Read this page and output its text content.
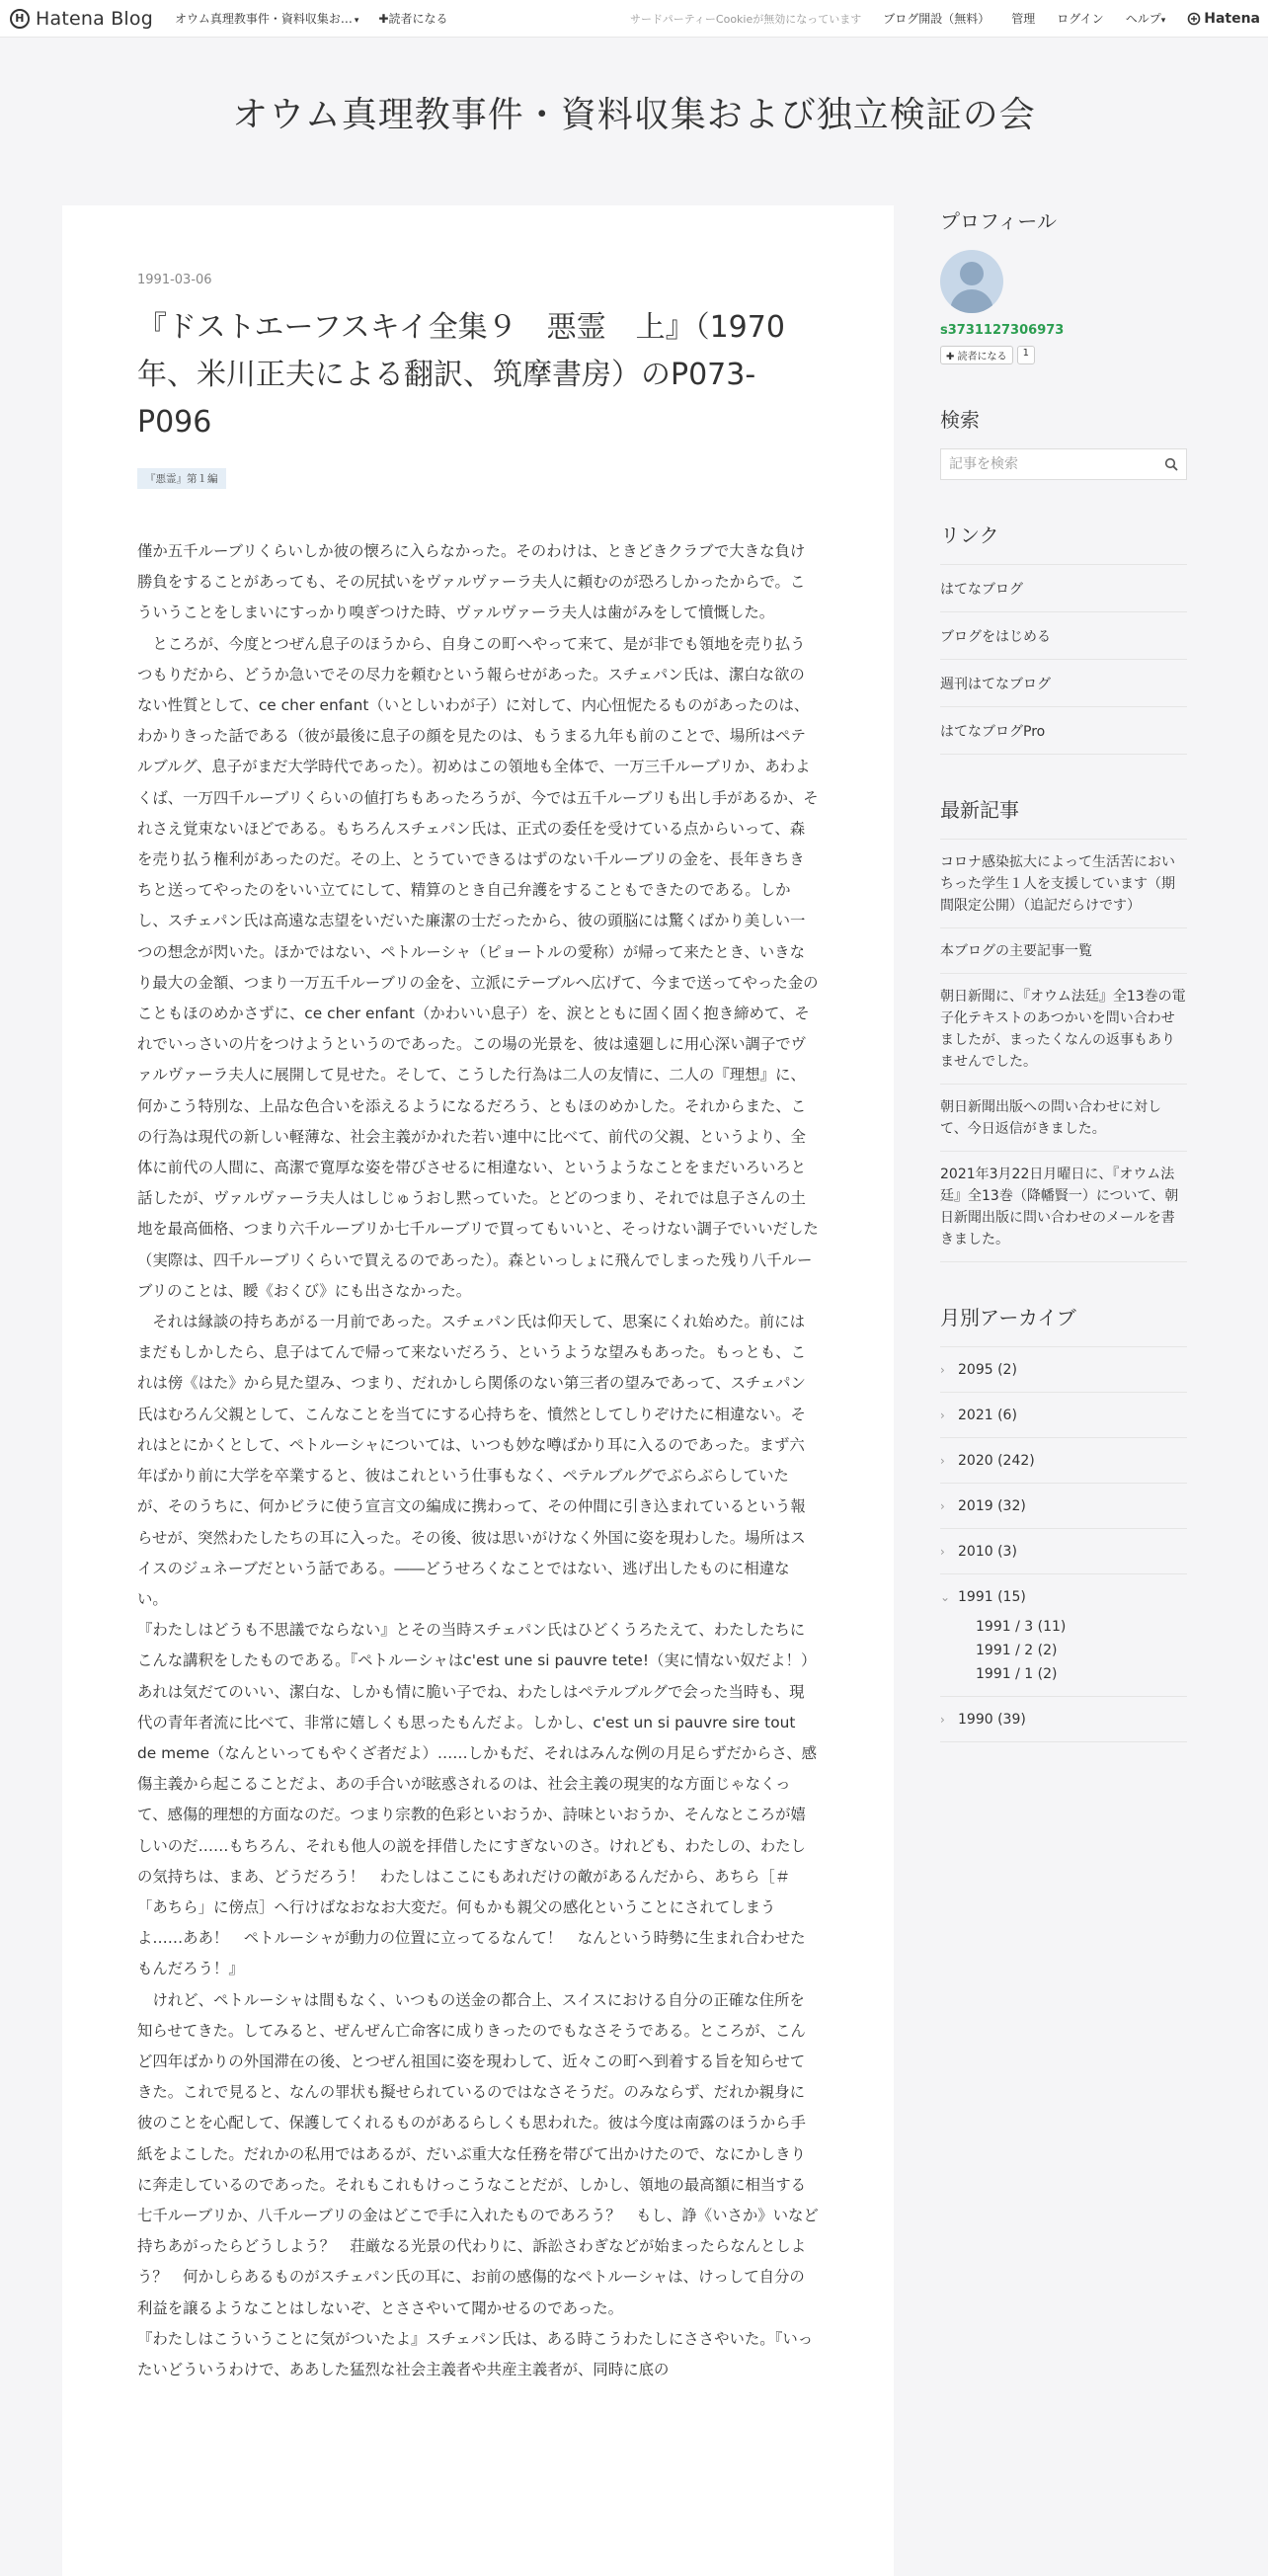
H Hatena Blog オウム真理教事件・資料収集お… ▾ ✚読者になる	サードパーティーCookieが無効になっています ブログ開設（無料） 管理 ログイン ヘルプ▾	Hatena
オウム真理教事件・資料収集および独立検証の会
1991-03-06
『ドストエーフスキイ全集９　悪霊　上』（1970年、米川正夫による翻訳、筑摩書房）のP073-P096
『悪霊』第１編

僅か五千ルーブリくらいしか彼の懐ろに入らなかった。そのわけは、ときどきクラブで大きな負け勝負をすることがあっても、その尻拭いをヴァルヴァーラ夫人に頼むのが恐ろしかったからで。こういうことをしまいにすっかり嗅ぎつけた時、ヴァルヴァーラ夫人は歯がみをして憤慨した。

ところが、今度とつぜん息子のほうから、自身この町へやって来て、是が非でも領地を売り払うつもりだから、どうか急いでその尽力を頼むという報らせがあった。スチェパン氏は、潔白な欲のない性質として、ce cher enfant（いとしいわが子）に対して、内心忸怩たるものがあったのは、わかりきった話である（彼が最後に息子の顔を見たのは、もうまる九年も前のことで、場所はペテルブルグ、息子がまだ大学時代であった）。初めはこの領地も全体で、一万三千ルーブリか、あわよくば、一万四千ルーブリくらいの値打ちもあったろうが、今では五千ルーブリも出し手があるか、それさえ覚束ないほどである。もちろんスチェパン氏は、正式の委任を受けている点からいって、森を売り払う権利があったのだ。その上、とうていできるはずのない千ルーブリの金を、長年きちきちと送ってやったのをいい立てにして、精算のとき自己弁護をすることもできたのである。しかし、スチェパン氏は高遠な志望をいだいた廉潔の士だったから、彼の頭脳には驚くばかり美しい一つの想念が閃いた。ほかではない、ペトルーシャ（ピョートルの愛称）が帰って来たとき、いきなり最大の金額、つまり一万五千ルーブリの金を、立派にテーブルへ広げて、今まで送ってやった金のこともほのめかさずに、ce cher enfant（かわいい息子）を、涙とともに固く固く抱き締めて、それでいっさいの片をつけようというのであった。この場の光景を、彼は遠廻しに用心深い調子でヴァルヴァーラ夫人に展開して見せた。そして、こうした行為は二人の友情に、二人の『理想』に、何かこう特別な、上品な色合いを添えるようになるだろう、ともほのめかした。それからまた、この行為は現代の新しい軽薄な、社会主義がかれた若い連中に比べて、前代の父親、というより、全体に前代の人間に、高潔で寛厚な姿を帯びさせるに相違ない、というようなことをまだいろいろと話したが、ヴァルヴァーラ夫人はしじゅうおし黙っていた。とどのつまり、それでは息子さんの土地を最高価格、つまり六千ルーブリか七千ルーブリで買ってもいいと、そっけない調子でいいだした（実際は、四千ルーブリくらいで買えるのであった）。森といっしょに飛んでしまった残り八千ルーブリのことは、瞹《おくび》にも出さなかった。

それは縁談の持ちあがる一月前であった。スチェパン氏は仰天して、思案にくれ始めた。前にはまだもしかしたら、息子はてんで帰って来ないだろう、というような望みもあった。もっとも、これは傍《はた》から見た望み、つまり、だれかしら関係のない第三者の望みであって、スチェパン氏はむろん父親として、こんなことを当てにする心持ちを、憤然としてしりぞけたに相違ない。それはとにかくとして、ペトルーシャについては、いつも妙な噂ばかり耳に入るのであった。まず六年ばかり前に大学を卒業すると、彼はこれという仕事もなく、ペテルブルグでぶらぶらしていたが、そのうちに、何かビラに使う宣言文の編成に携わって、その仲間に引き込まれているという報らせが、突然わたしたちの耳に入った。その後、彼は思いがけなく外国に姿を現わした。場所はスイスのジュネーブだという話である。――どうせろくなことではない、逃げ出したものに相違ない。

『わたしはどうも不思議でならない』とその当時スチェパン氏はひどくうろたえて、わたしたちにこんな講釈をしたものである。『ペトルーシャはc'est une si pauvre tete!（実に情ない奴だよ！）あれは気だてのいい、潔白な、しかも情に脆い子でね、わたしはペテルブルグで会った当時も、現代の青年者流に比べて、非常に嬉しくも思ったもんだよ。しかし、c'est un si pauvre sire tout de meme（なんといってもやくざ者だよ）……しかもだ、それはみんな例の月足らずだからさ、感傷主義から起こることだよ、あの手合いが眩惑されるのは、社会主義の現実的な方面じゃなくって、感傷的理想的方面なのだ。つまり宗教的色彩といおうか、詩味といおうか、そんなところが嬉しいのだ……もちろん、それも他人の説を拝借したにすぎないのさ。けれども、わたしの、わたしの気持ちは、まあ、どうだろう！　わたしはここにもあれだけの敵があるんだから、あちら［＃「あちら」に傍点］へ行けばなおなお大変だ。何もかも親父の感化ということにされてしまうよ……ああ！　ペトルーシャが動力の位置に立ってるなんて！　なんという時勢に生まれ合わせたもんだろう！』

けれど、ペトルーシャは間もなく、いつもの送金の都合上、スイスにおける自分の正確な住所を知らせてきた。してみると、ぜんぜん亡命客に成りきったのでもなさそうである。ところが、こんど四年ばかりの外国滞在の後、とつぜん祖国に姿を現わして、近々この町へ到着する旨を知らせてきた。これで見ると、なんの罪状も擬せられているのではなさそうだ。のみならず、だれか親身に彼のことを心配して、保護してくれるものがあるらしくも思われた。彼は今度は南露のほうから手紙をよこした。だれかの私用ではあるが、だいぶ重大な任務を帯びて出かけたので、なにかしきりに奔走しているのであった。それもこれもけっこうなことだが、しかし、領地の最高額に相当する七千ルーブリか、八千ルーブリの金はどこで手に入れたものであろう？　もし、諍《いさか》いなど持ちあがったらどうしよう？　荘厳なる光景の代わりに、訴訟さわぎなどが始まったらなんとしよう？　何かしらあるものがスチェパン氏の耳に、お前の感傷的なペトルーシャは、けっして自分の利益を譲るようなことはしないぞ、とささやいて聞かせるのであった。

『わたしはこういうことに気がついたよ』スチェパン氏は、ある時こうわたしにささやいた。『いったいどういうわけで、ああした猛烈な社会主義者や共産主義者が、同時に底の

プロフィール
s3731127306973
✚ 読者になる	1
検索
記事を検索
リンク
はてなブログ
ブログをはじめる
週刊はてなブログ
はてなブログPro
最新記事
コロナ感染拡大によって生活苦においちった学生１人を支援しています（期間限定公開）（追記だらけです）
本ブログの主要記事一覧
朝日新聞に、『オウム法廷』全13巻の電子化テキストのあつかいを問い合わせましたが、まったくなんの返事もありませんでした。
朝日新聞出版への問い合わせに対して、今日返信がきました。
2021年3月22日月曜日に、『オウム法廷』全13巻（降幡賢一）について、朝日新聞出版に問い合わせのメールを書きました。
月別アーカイブ
› 2095 (2)
› 2021 (6)
› 2020 (242)
› 2019 (32)
› 2010 (3)
⌄ 1991 (15)
1991 / 3 (11)
1991 / 2 (2)
1991 / 1 (2)
› 1990 (39)
